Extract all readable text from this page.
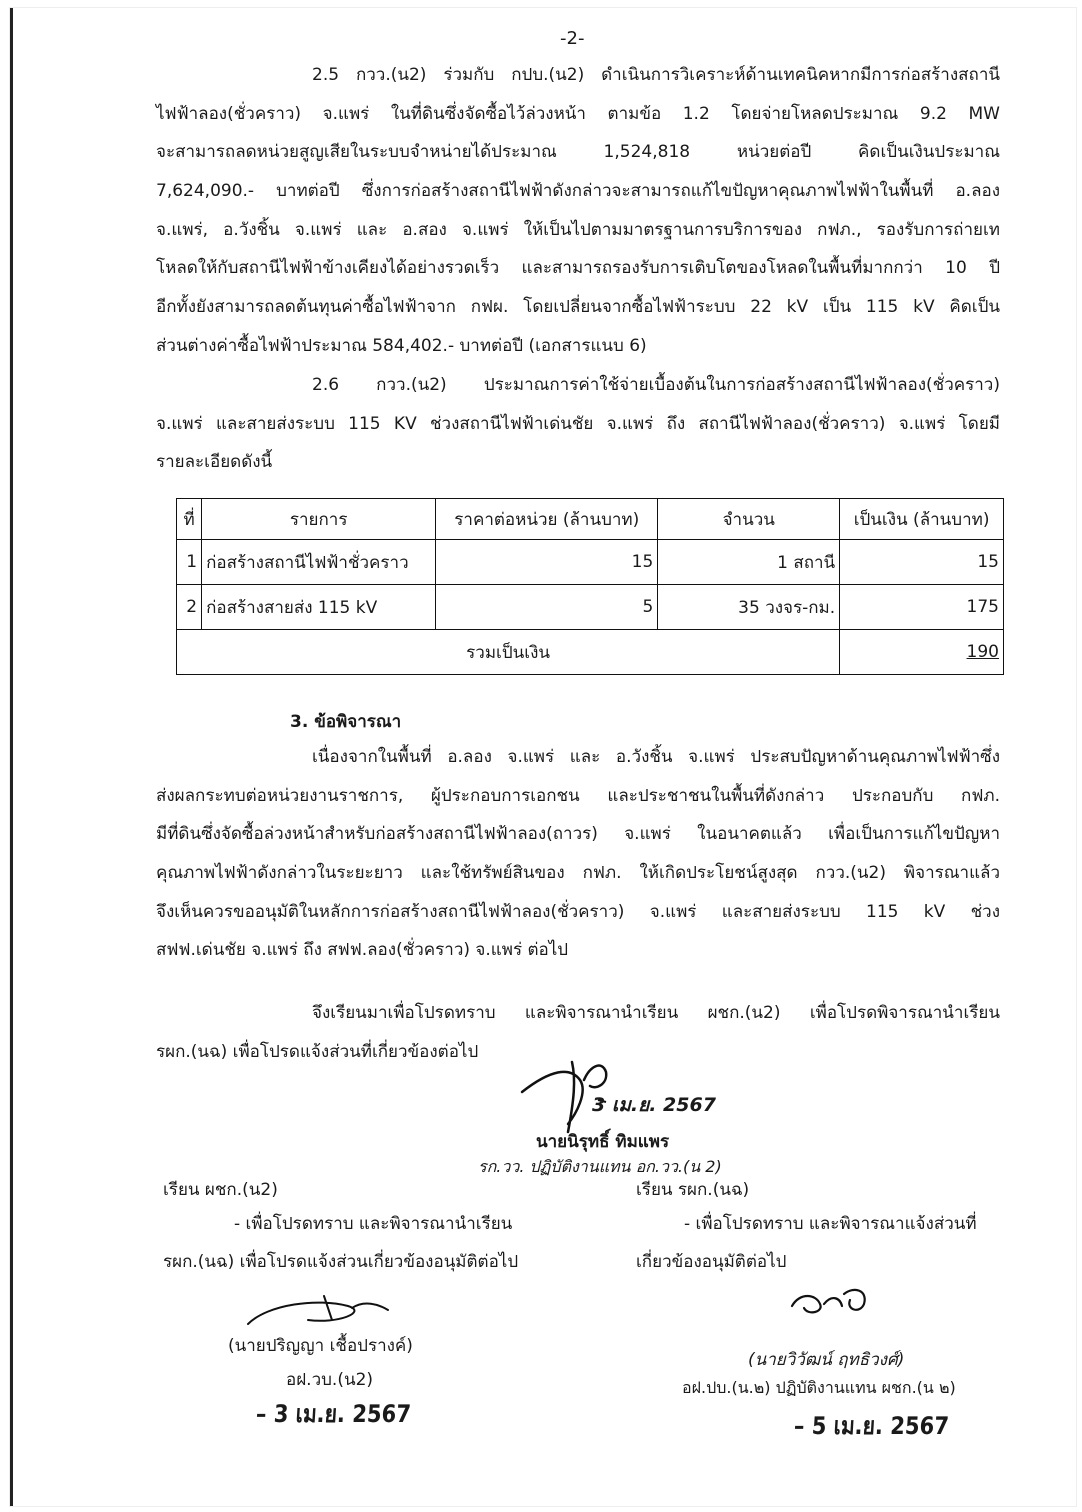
-2-
2.5 กวว.(น2) ร่วมกับ กปบ.(น2) ดำเนินการวิเคราะห์ด้านเทคนิคหากมีการก่อสร้างสถานี
ไฟฟ้าลอง(ชั่วคราว) จ.แพร่ ในที่ดินซึ่งจัดซื้อไว้ล่วงหน้า ตามข้อ 1.2 โดยจ่ายโหลดประมาณ 9.2 MW
จะสามารถลดหน่วยสูญเสียในระบบจำหน่ายได้ประมาณ 1,524,818 หน่วยต่อปี คิดเป็นเงินประมาณ
7,624,090.- บาทต่อปี ซึ่งการก่อสร้างสถานีไฟฟ้าดังกล่าวจะสามารถแก้ไขปัญหาคุณภาพไฟฟ้าในพื้นที่ อ.ลอง
จ.แพร่, อ.วังชิ้น จ.แพร่ และ อ.สอง จ.แพร่ ให้เป็นไปตามมาตรฐานการบริการของ กฟภ., รองรับการถ่ายเท
โหลดให้กับสถานีไฟฟ้าข้างเคียงได้อย่างรวดเร็ว และสามารถรองรับการเติบโตของโหลดในพื้นที่มากกว่า 10 ปี
อีกทั้งยังสามารถลดต้นทุนค่าซื้อไฟฟ้าจาก กฟผ. โดยเปลี่ยนจากซื้อไฟฟ้าระบบ 22 kV เป็น 115 kV คิดเป็น
ส่วนต่างค่าซื้อไฟฟ้าประมาณ 584,402.- บาทต่อปี (เอกสารแนบ 6)
2.6 กวว.(น2) ประมาณการค่าใช้จ่ายเบื้องต้นในการก่อสร้างสถานีไฟฟ้าลอง(ชั่วคราว)
จ.แพร่ และสายส่งระบบ 115 KV ช่วงสถานีไฟฟ้าเด่นชัย จ.แพร่ ถึง สถานีไฟฟ้าลอง(ชั่วคราว) จ.แพร่ โดยมี
รายละเอียดดังนี้
ที่	รายการ	ราคาต่อหน่วย (ล้านบาท)	จำนวน	เป็นเงิน (ล้านบาท)
1	ก่อสร้างสถานีไฟฟ้าชั่วคราว	15	1 สถานี	15
2	ก่อสร้างสายส่ง 115 kV	5	35 วงจร-กม.	175
รวมเป็นเงิน				190
3. ข้อพิจารณา
เนื่องจากในพื้นที่ อ.ลอง จ.แพร่ และ อ.วังชิ้น จ.แพร่ ประสบปัญหาด้านคุณภาพไฟฟ้าซึ่ง
ส่งผลกระทบต่อหน่วยงานราชการ, ผู้ประกอบการเอกชน และประชาชนในพื้นที่ดังกล่าว ประกอบกับ กฟภ.
มีที่ดินซึ่งจัดซื้อล่วงหน้าสำหรับก่อสร้างสถานีไฟฟ้าลอง(ถาวร) จ.แพร่ ในอนาคตแล้ว เพื่อเป็นการแก้ไขปัญหา
คุณภาพไฟฟ้าดังกล่าวในระยะยาว และใช้ทรัพย์สินของ กฟภ. ให้เกิดประโยชน์สูงสุด กวว.(น2) พิจารณาแล้ว
จึงเห็นควรขออนุมัติในหลักการก่อสร้างสถานีไฟฟ้าลอง(ชั่วคราว) จ.แพร่ และสายส่งระบบ 115 kV ช่วง
สฟฟ.เด่นชัย จ.แพร่ ถึง สฟฟ.ลอง(ชั่วคราว) จ.แพร่ ต่อไป
จึงเรียนมาเพื่อโปรดทราบ และพิจารณานำเรียน ผชก.(น2) เพื่อโปรดพิจารณานำเรียน
รผก.(นฉ) เพื่อโปรดแจ้งส่วนที่เกี่ยวข้องต่อไป
3 เม.ย. 2567
นายนิรุทธิ์ ทิมแพร
รก.วว. ปฏิบัติงานแทน อก.วว.(น 2)
เรียน ผชก.(น2)
- เพื่อโปรดทราบ และพิจารณานำเรียน
รผก.(นฉ) เพื่อโปรดแจ้งส่วนเกี่ยวข้องอนุมัติต่อไป
(นายปริญญา เชื้อปรางค์)
อฝ.วบ.(น2)
– 3 เม.ย. 2567
เรียน รผก.(นฉ)
- เพื่อโปรดทราบ และพิจารณาแจ้งส่วนที่
เกี่ยวข้องอนุมัติต่อไป
(นายวิวัฒน์ ฤทธิวงศ์)
อฝ.ปบ.(น.๒) ปฏิบัติงานแทน ผชก.(น ๒)
– 5 เม.ย. 2567
